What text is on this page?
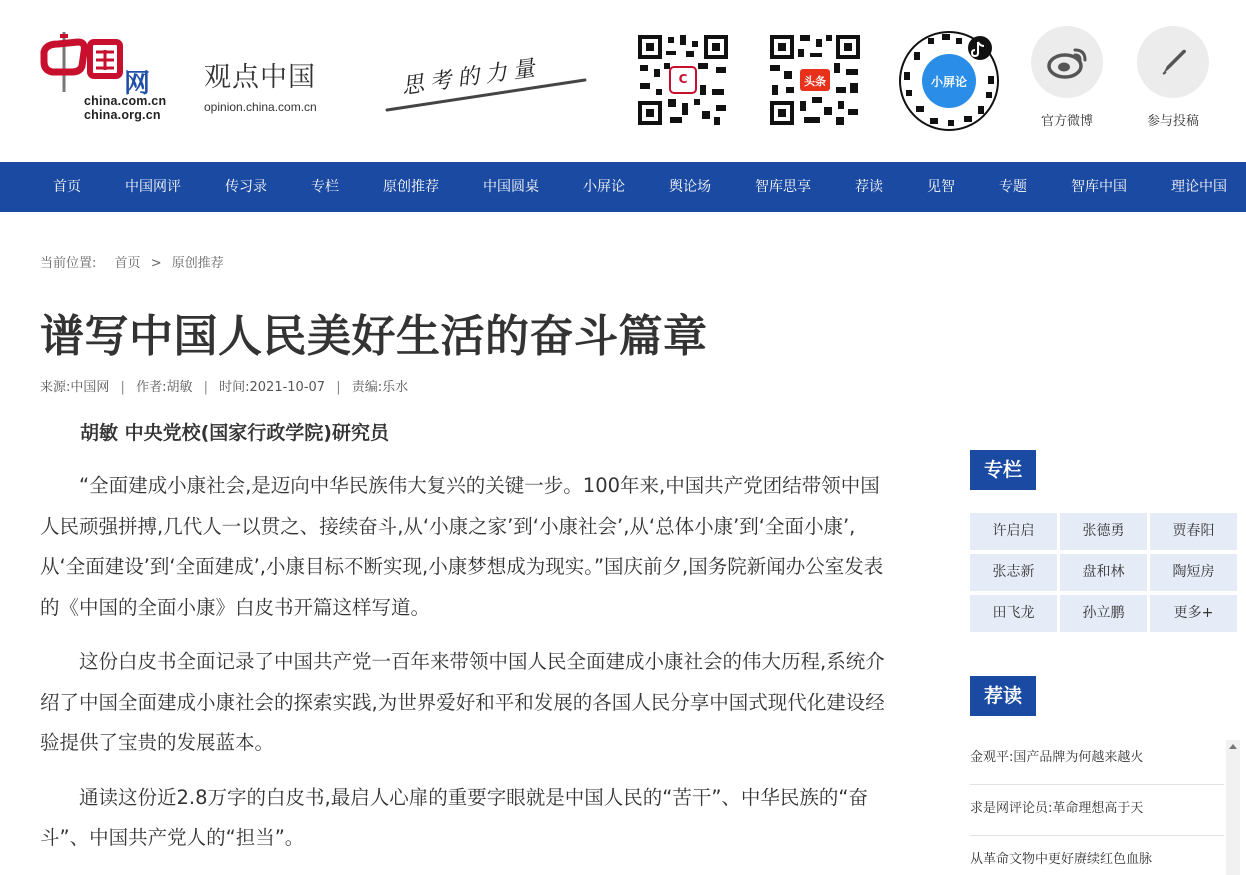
网
china.com.cn
china.org.cn
观点中国
opinion.china.com.cn
思考的力量	C	头条	小屏论
官方微博	参与投稿
首页	中国网评	传习录	专栏	原创推荐	中国圆桌	小屏论	舆论场	智库思享	荐读	见智	专题	智库中国	理论中国
当前位置: 首页 > 原创推荐
谱写中国人民美好生活的奋斗篇章
来源:中国网 | 作者:胡敏 | 时间:2021-10-07 | 责编:乐水
胡敏 中央党校(国家行政学院)研究员

“全面建成小康社会,是迈向中华民族伟大复兴的关键一步。100年来,中国共产党团结带领中国人民顽强拼搏,几代人一以贯之、接续奋斗,从‘小康之家’到‘小康社会’,从‘总体小康’到‘全面小康’,从‘全面建设’到‘全面建成’,小康目标不断实现,小康梦想成为现实。”国庆前夕,国务院新闻办公室发表的《中国的全面小康》白皮书开篇这样写道。

这份白皮书全面记录了中国共产党一百年来带领中国人民全面建成小康社会的伟大历程,系统介绍了中国全面建成小康社会的探索实践,为世界爱好和平和发展的各国人民分享中国式现代化建设经验提供了宝贵的发展蓝本。

通读这份近2.8万字的白皮书,最启人心扉的重要字眼就是中国人民的“苦干”、中华民族的“奋斗”、中国共产党人的“担当”。

专栏
许启启	张德勇	贾春阳
张志新	盘和林	陶短房
田飞龙	孙立鹏	更多+
荐读
金观平:国产品牌为何越来越火
求是网评论员:革命理想高于天
从革命文物中更好赓续红色血脉
